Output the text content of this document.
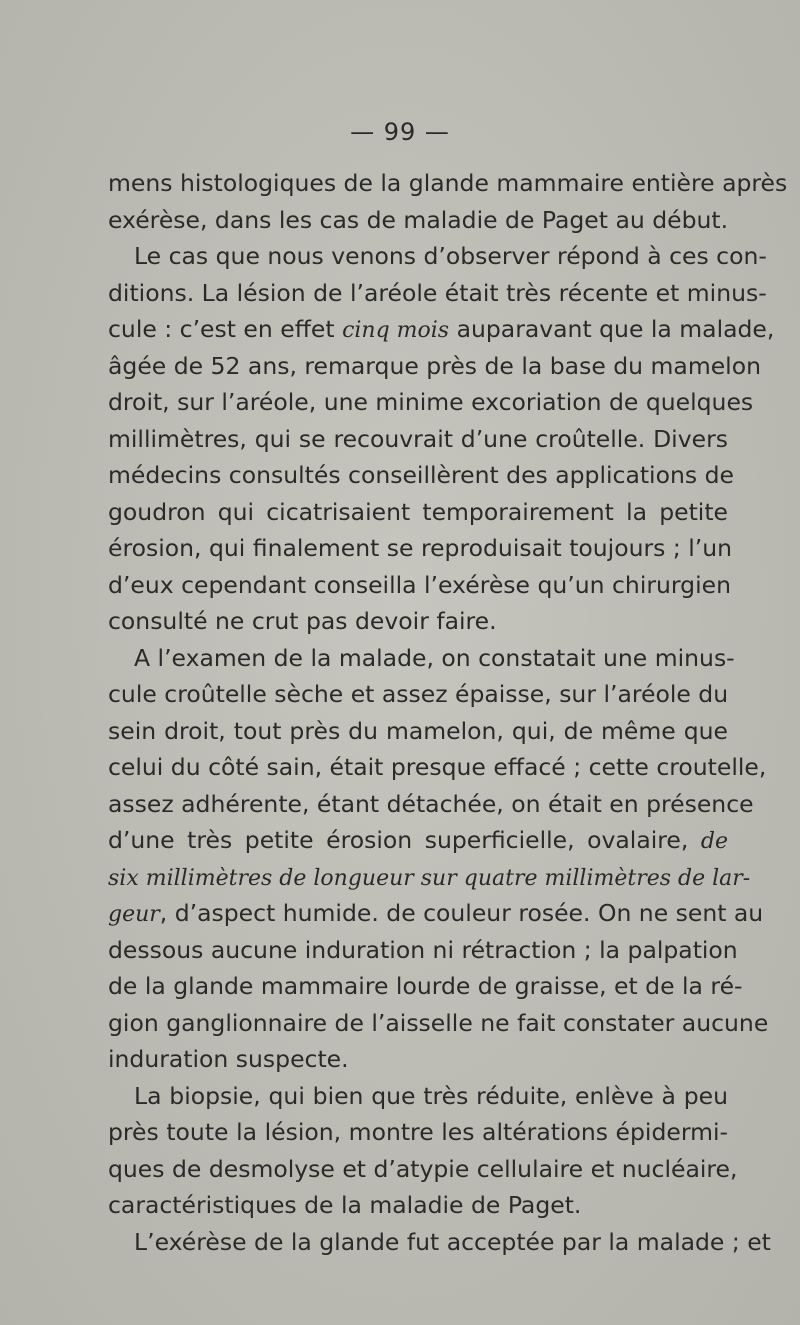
— 99 —
mens histologiques de la glande mammaire entière après
exérèse, dans les cas de maladie de Paget au début.
Le cas que nous venons d’observer répond à ces con-
ditions. La lésion de l’aréole était très récente et minus-
cule : c’est en effet cinq mois auparavant que la malade,
âgée de 52 ans, remarque près de la base du mamelon
droit, sur l’aréole, une minime excoriation de quelques
millimètres, qui se recouvrait d’une croûtelle. Divers
médecins consultés conseillèrent des applications de
goudron qui cicatrisaient temporairement la petite
érosion, qui finalement se reproduisait toujours ; l’un
d’eux cependant conseilla l’exérèse qu’un chirurgien
consulté ne crut pas devoir faire.
A l’examen de la malade, on constatait une minus-
cule croûtelle sèche et assez épaisse, sur l’aréole du
sein droit, tout près du mamelon, qui, de même que
celui du côté sain, était presque effacé ; cette croutelle,
assez adhérente, étant détachée, on était en présence
d’une très petite érosion superficielle, ovalaire, de
six millimètres de longueur sur quatre millimètres de lar-
geur, d’aspect humide. de couleur rosée. On ne sent au
dessous aucune induration ni rétraction ; la palpation
de la glande mammaire lourde de graisse, et de la ré-
gion ganglionnaire de l’aisselle ne fait constater aucune
induration suspecte.
La biopsie, qui bien que très réduite, enlève à peu
près toute la lésion, montre les altérations épidermi-
ques de desmolyse et d’atypie cellulaire et nucléaire,
caractéristiques de la maladie de Paget.
L’exérèse de la glande fut acceptée par la malade ; et
